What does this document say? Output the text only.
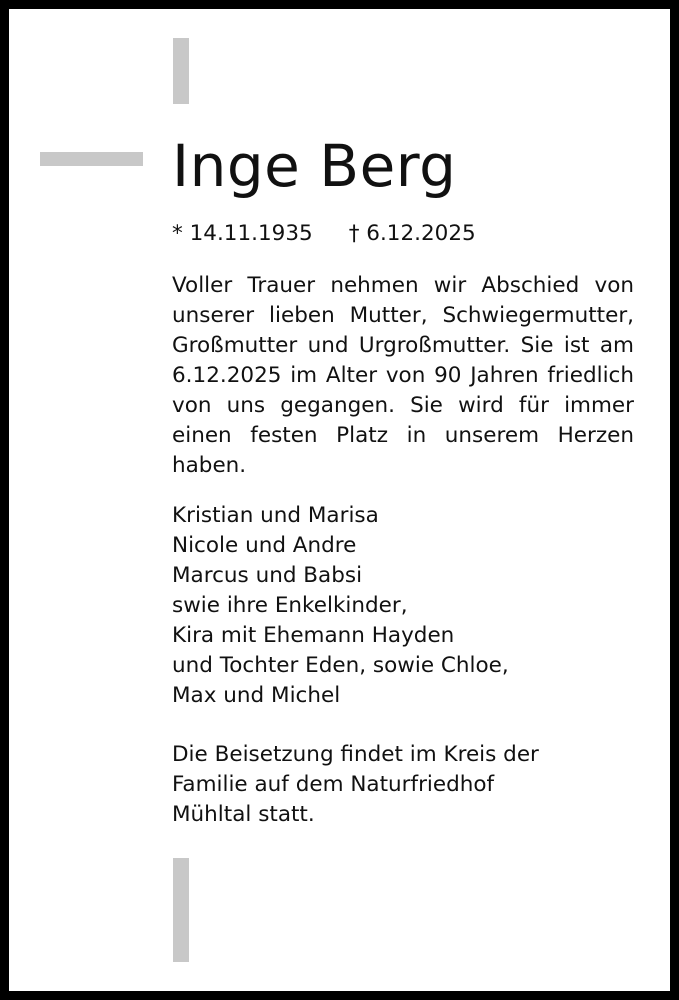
Inge Berg
* 14.11.1935 † 6.12.2025

Voller Trauer nehmen wir Abschied von unserer lieben Mutter, Schwiegermutter, Großmutter und Urgroßmutter. Sie ist am 6.12.2025 im Alter von 90 Jahren friedlich von uns gegangen. Sie wird für immer einen festen Platz in unserem Herzen haben.

Kristian und Marisa
Nicole und Andre
Marcus und Babsi
swie ihre Enkelkinder,
Kira mit Ehemann Hayden
und Tochter Eden, sowie Chloe,
Max und Michel
Die Beisetzung findet im Kreis der
Familie auf dem Naturfriedhof
Mühltal statt.
